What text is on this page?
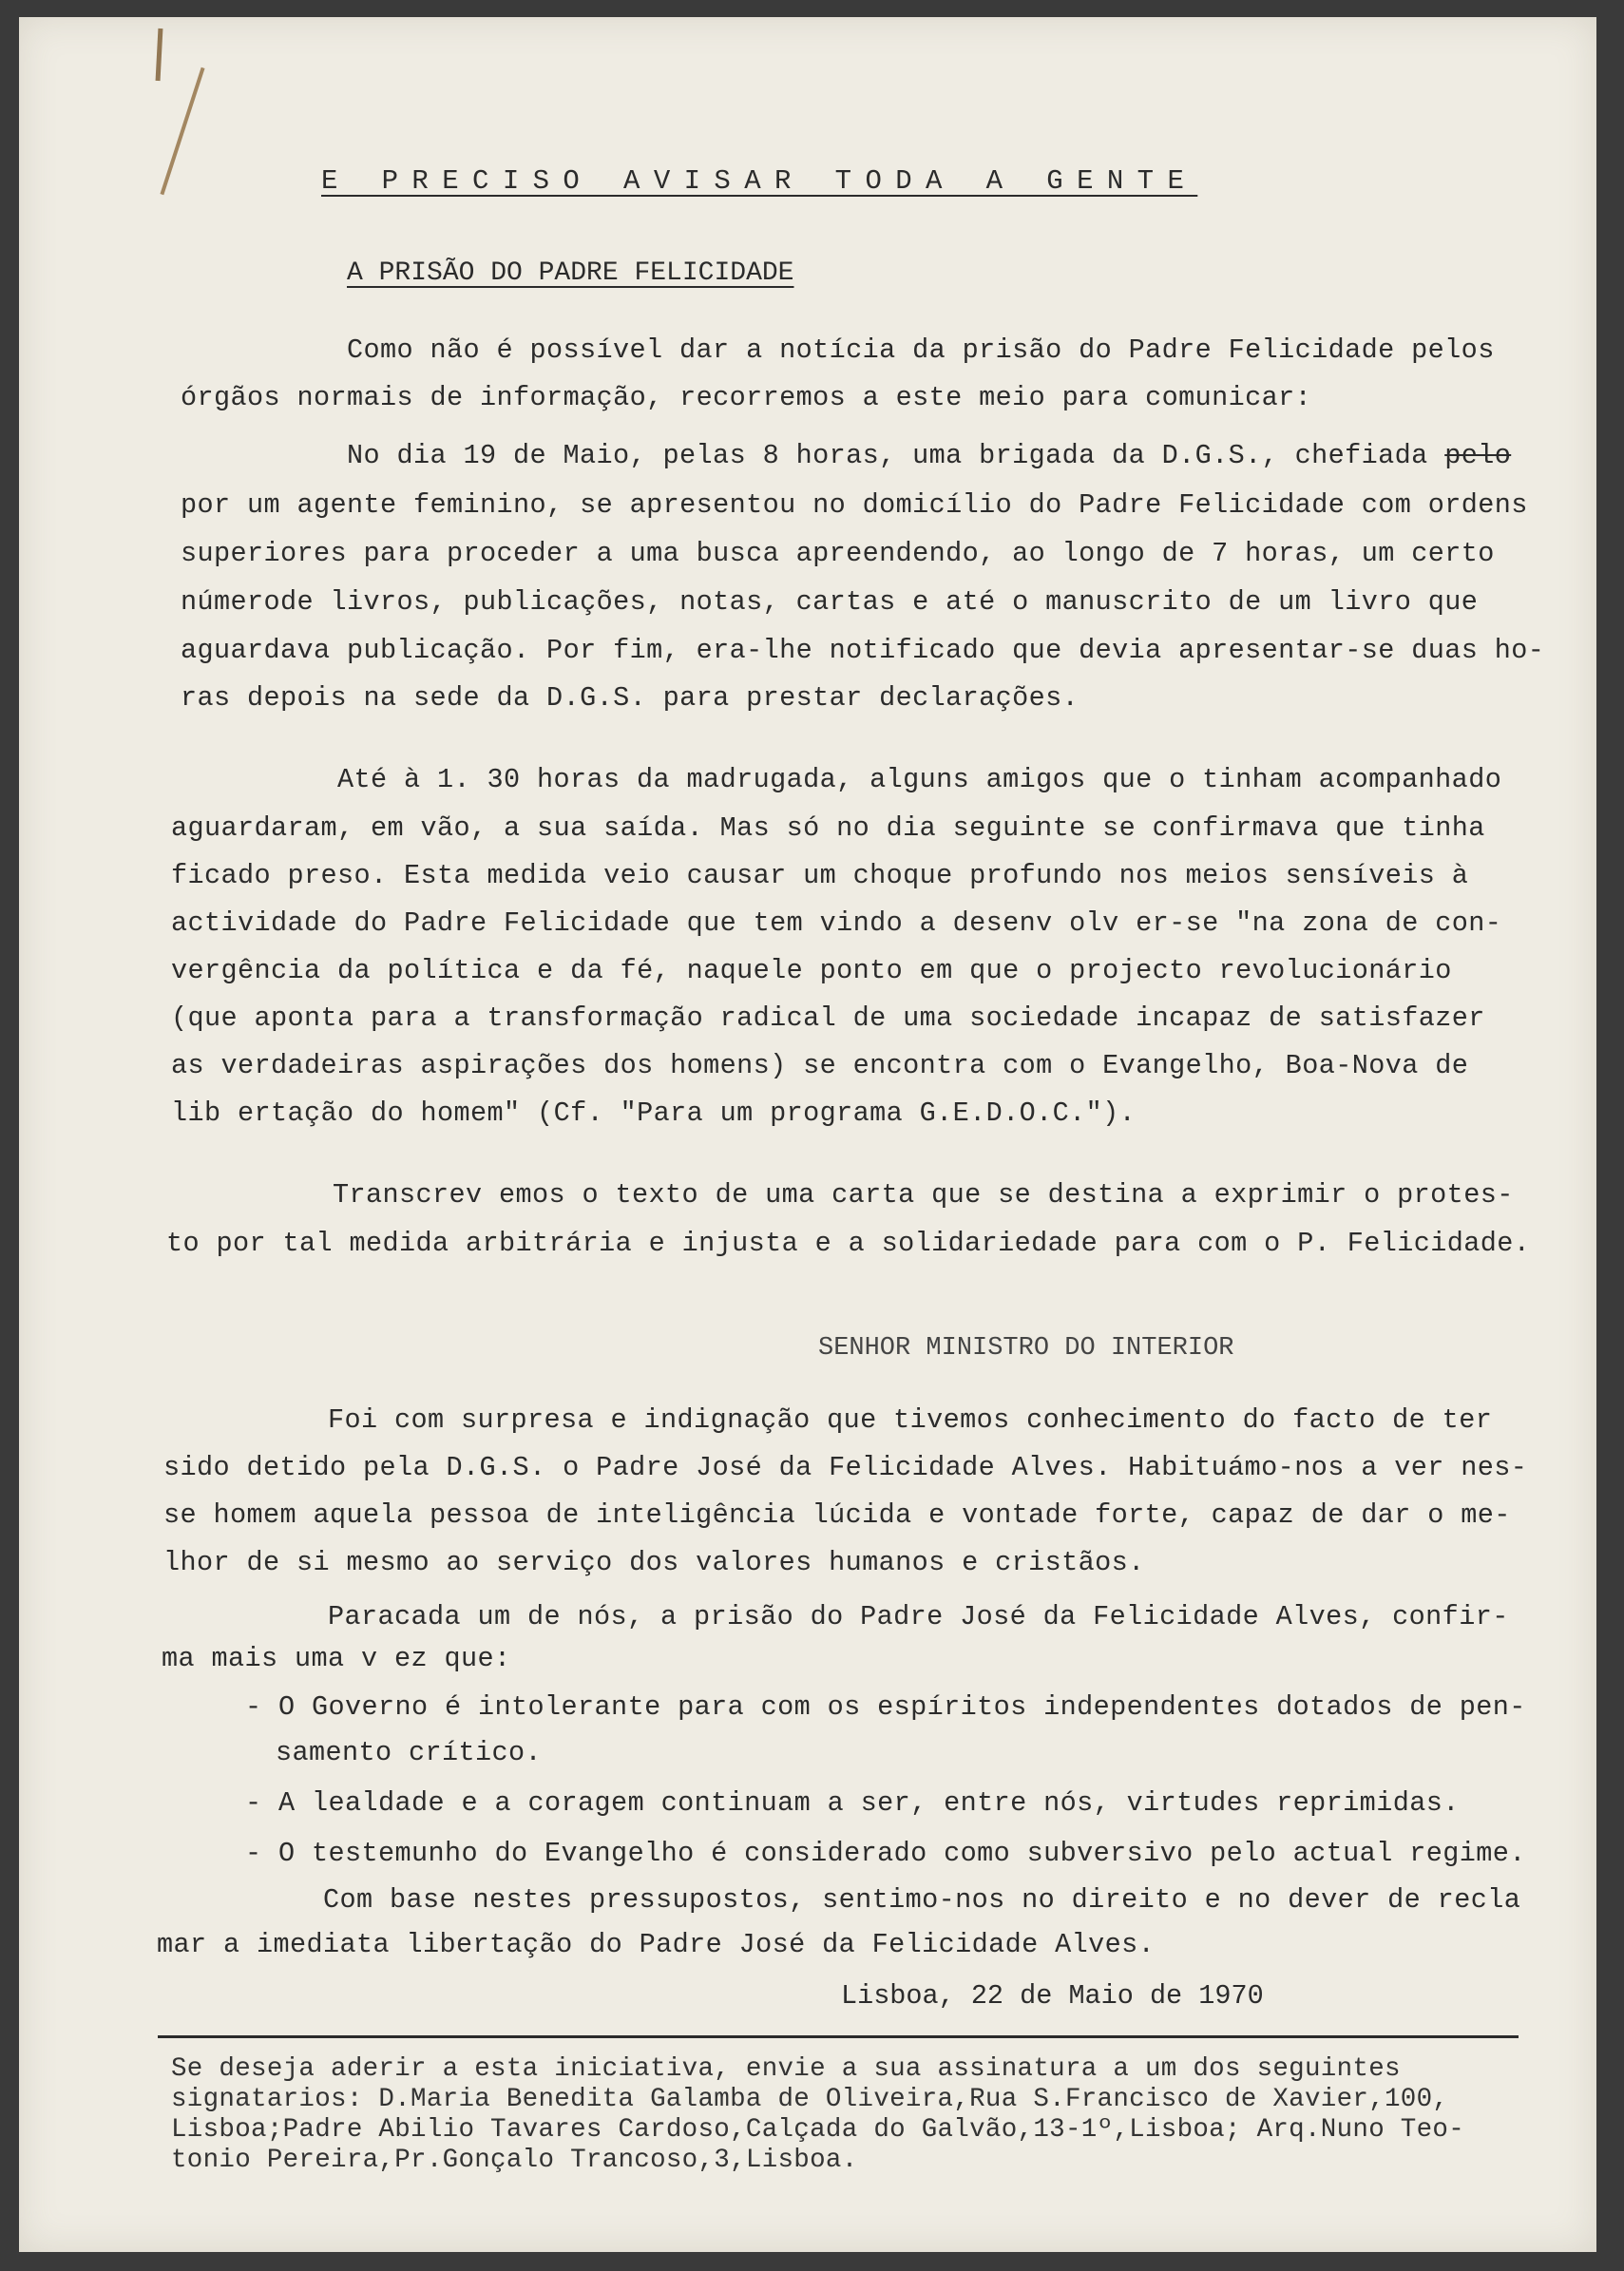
E PRECISO AVISAR TODA A GENTE
A PRISÃO DO PADRE FELICIDADE
Como não é possível dar a notícia da prisão do Padre Felicidade pelos
órgãos normais de informação, recorremos a este meio para comunicar:
No dia 19 de Maio, pelas 8 horas, uma brigada da D.G.S., chefiada pelo
por um agente feminino, se apresentou no domicílio do Padre Felicidade com ordens
superiores para proceder a uma busca apreendendo, ao longo de 7 horas, um certo
númerode livros, publicações, notas, cartas e até o manuscrito de um livro que
aguardava publicação. Por fim, era-lhe notificado que devia apresentar-se duas ho-
ras depois na sede da D.G.S. para prestar declarações.
Até à 1. 30 horas da madrugada, alguns amigos que o tinham acompanhado
aguardaram, em vão, a sua saída. Mas só no dia seguinte se confirmava que tinha
ficado preso. Esta medida veio causar um choque profundo nos meios sensíveis à
actividade do Padre Felicidade que tem vindo a desenv olv er-se "na zona de con-
vergência da política e da fé, naquele ponto em que o projecto revolucionário
(que aponta para a transformação radical de uma sociedade incapaz de satisfazer
as verdadeiras aspirações dos homens) se encontra com o Evangelho, Boa-Nova de
lib ertação do homem" (Cf. "Para um programa G.E.D.O.C.").
Transcrev emos o texto de uma carta que se destina a exprimir o protes-
to por tal medida arbitrária e injusta e a solidariedade para com o P. Felicidade.
SENHOR MINISTRO DO INTERIOR
Foi com surpresa e indignação que tivemos conhecimento do facto de ter
sido detido pela D.G.S. o Padre José da Felicidade Alves. Habituámo-nos a ver nes-
se homem aquela pessoa de inteligência lúcida e vontade forte, capaz de dar o me-
lhor de si mesmo ao serviço dos valores humanos e cristãos.
Paracada um de nós, a prisão do Padre José da Felicidade Alves, confir-
ma mais uma v ez que:
- O Governo é intolerante para com os espíritos independentes dotados de pen-
samento crítico.
- A lealdade e a coragem continuam a ser, entre nós, virtudes reprimidas.
- O testemunho do Evangelho é considerado como subversivo pelo actual regime.
Com base nestes pressupostos, sentimo-nos no direito e no dever de recla
mar a imediata libertação do Padre José da Felicidade Alves.
Lisboa, 22 de Maio de 1970
Se deseja aderir a esta iniciativa, envie a sua assinatura a um dos seguintes
signatarios: D.Maria Benedita Galamba de Oliveira,Rua S.Francisco de Xavier,100,
Lisboa;Padre Abilio Tavares Cardoso,Calçada do Galvão,13-1º,Lisboa; Arq.Nuno Teo-
tonio Pereira,Pr.Gonçalo Trancoso,3,Lisboa.
